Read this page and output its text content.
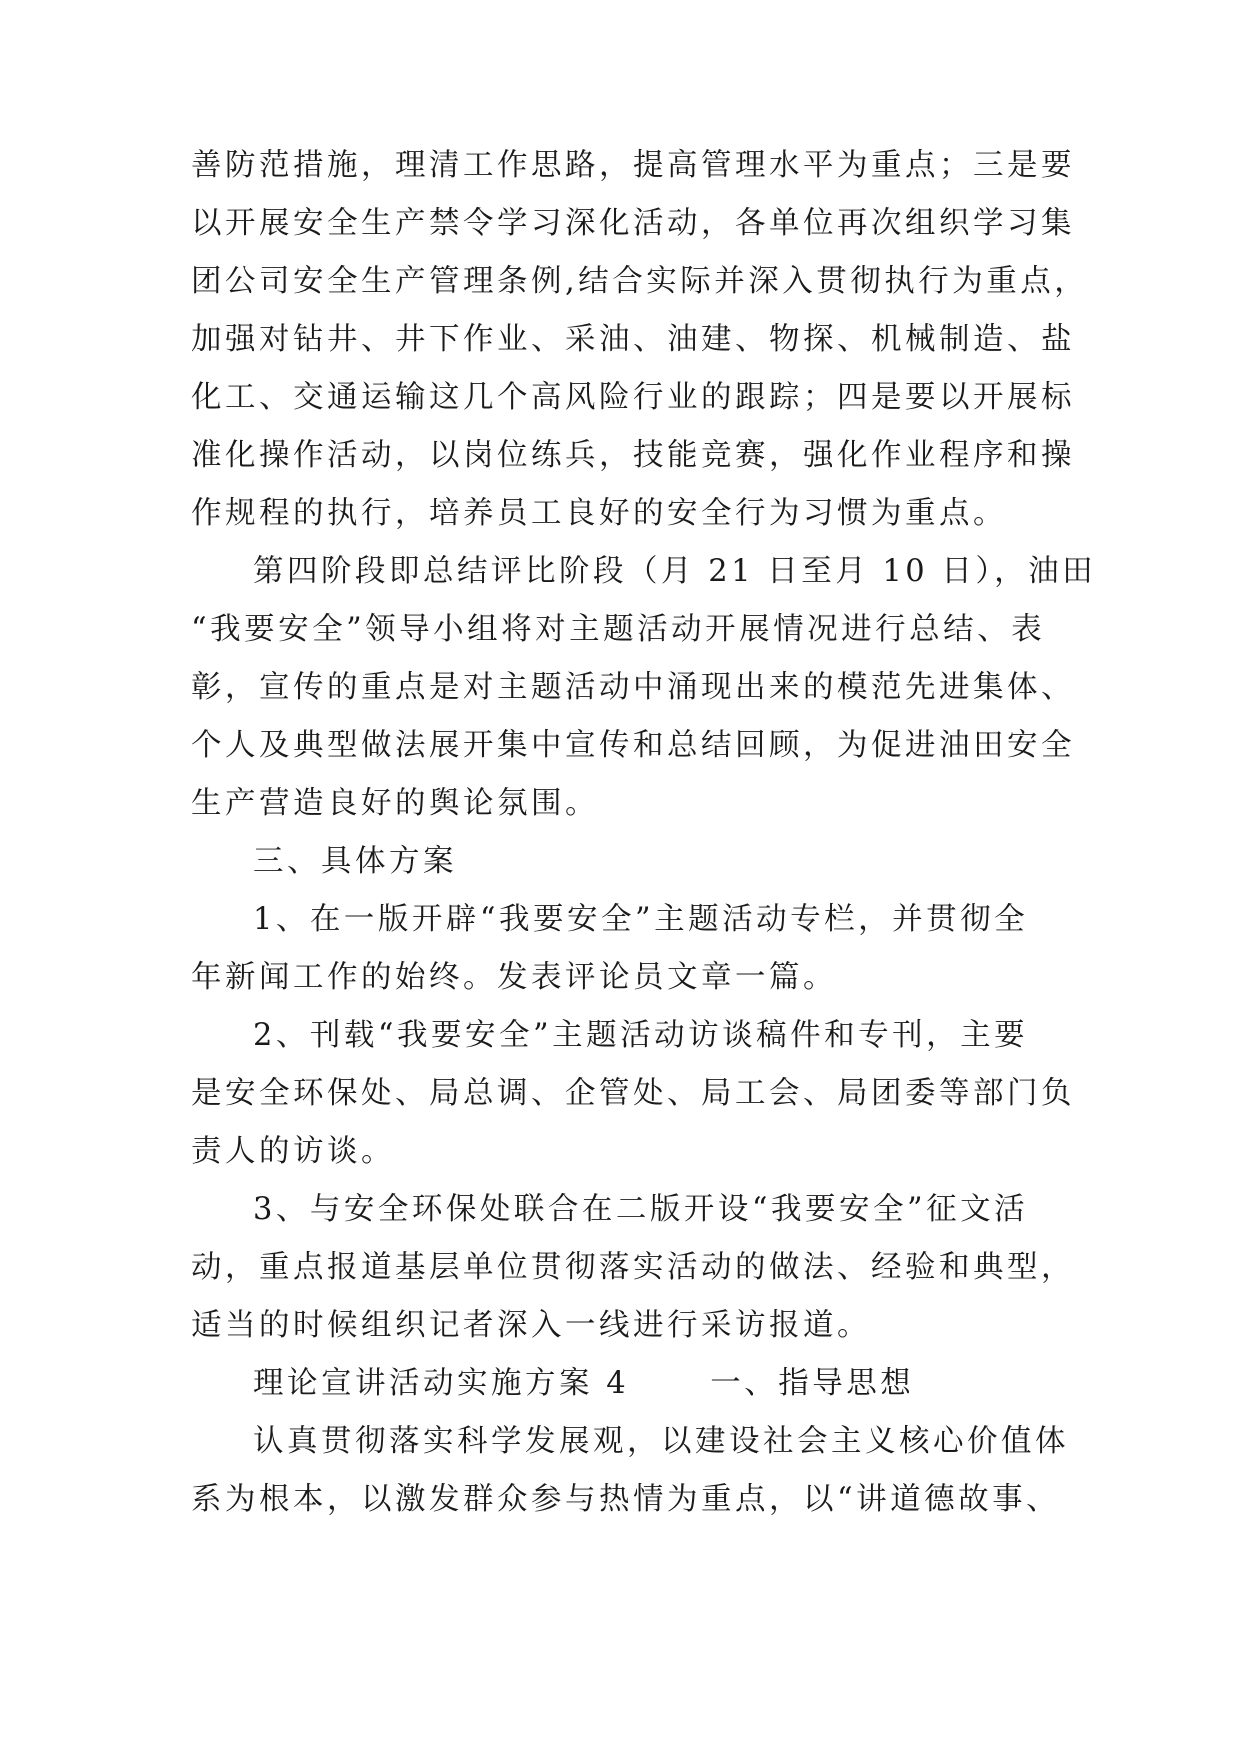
善防范措施，理清工作思路，提高管理水平为重点；三是要

以开展安全生产禁令学习深化活动，各单位再次组织学习集

团公司安全生产管理条例,结合实际并深入贯彻执行为重点，

加强对钻井、井下作业、采油、油建、物探、机械制造、盐

化工、交通运输这几个高风险行业的跟踪；四是要以开展标

准化操作活动，以岗位练兵，技能竞赛，强化作业程序和操

作规程的执行，培养员工良好的安全行为习惯为重点。

第四阶段即总结评比阶段（月 21 日至月 10 日），油田

“我要安全”领导小组将对主题活动开展情况进行总结、表

彰，宣传的重点是对主题活动中涌现出来的模范先进集体、

个人及典型做法展开集中宣传和总结回顾，为促进油田安全

生产营造良好的舆论氛围。

三、具体方案

1、在一版开辟“我要安全”主题活动专栏，并贯彻全

年新闻工作的始终。发表评论员文章一篇。

2、刊载“我要安全”主题活动访谈稿件和专刊，主要

是安全环保处、局总调、企管处、局工会、局团委等部门负

责人的访谈。

3、与安全环保处联合在二版开设“我要安全”征文活

动，重点报道基层单位贯彻落实活动的做法、经验和典型，

适当的时候组织记者深入一线进行采访报道。

理论宣讲活动实施方案 4 　　一、指导思想

认真贯彻落实科学发展观，以建设社会主义核心价值体

系为根本，以激发群众参与热情为重点，以“讲道德故事、
